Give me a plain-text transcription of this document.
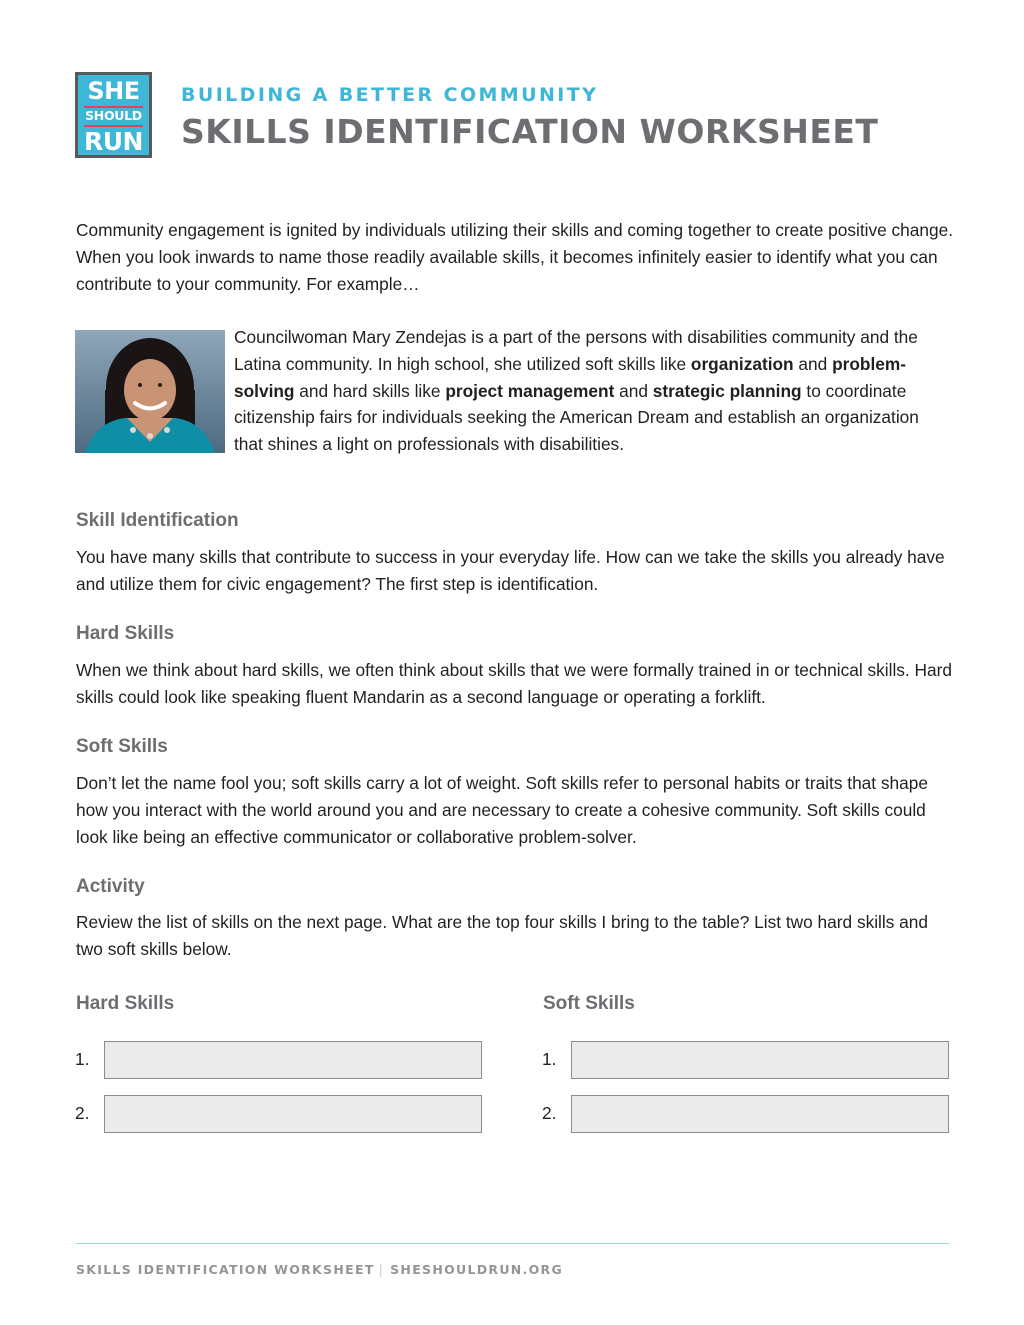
SHE
SHOULD
RUN
BUILDING A BETTER COMMUNITY
SKILLS IDENTIFICATION WORKSHEET

Community engagement is ignited by individuals utilizing their skills and coming together to create positive change. When you look inwards to name those readily available skills, it becomes infinitely easier to identify what you can contribute to your community. For example…

Councilwoman Mary Zendejas is a part of the persons with disabilities community and the Latina community. In high school, she utilized soft skills like organization and problem-solving and hard skills like project management and strategic planning to coordinate citizenship fairs for individuals seeking the American Dream and establish an organization that shines a light on professionals with disabilities.

Skill Identification

You have many skills that contribute to success in your everyday life. How can we take the skills you already have and utilize them for civic engagement? The first step is identification.

Hard Skills

When we think about hard skills, we often think about skills that we were formally trained in or technical skills. Hard skills could look like speaking fluent Mandarin as a second language or operating a forklift.

Soft Skills

Don’t let the name fool you; soft skills carry a lot of weight. Soft skills refer to personal habits or traits that shape how you interact with the world around you and are necessary to create a cohesive community. Soft skills could look like being an effective communicator or collaborative problem-solver.

Activity

Review the list of skills on the next page. What are the top four skills I bring to the table? List two hard skills and two soft skills below.

Hard Skills	Soft Skills
1.
2.
1.
2.
SKILLS IDENTIFICATION WORKSHEET | SHESHOULDRUN.ORG
